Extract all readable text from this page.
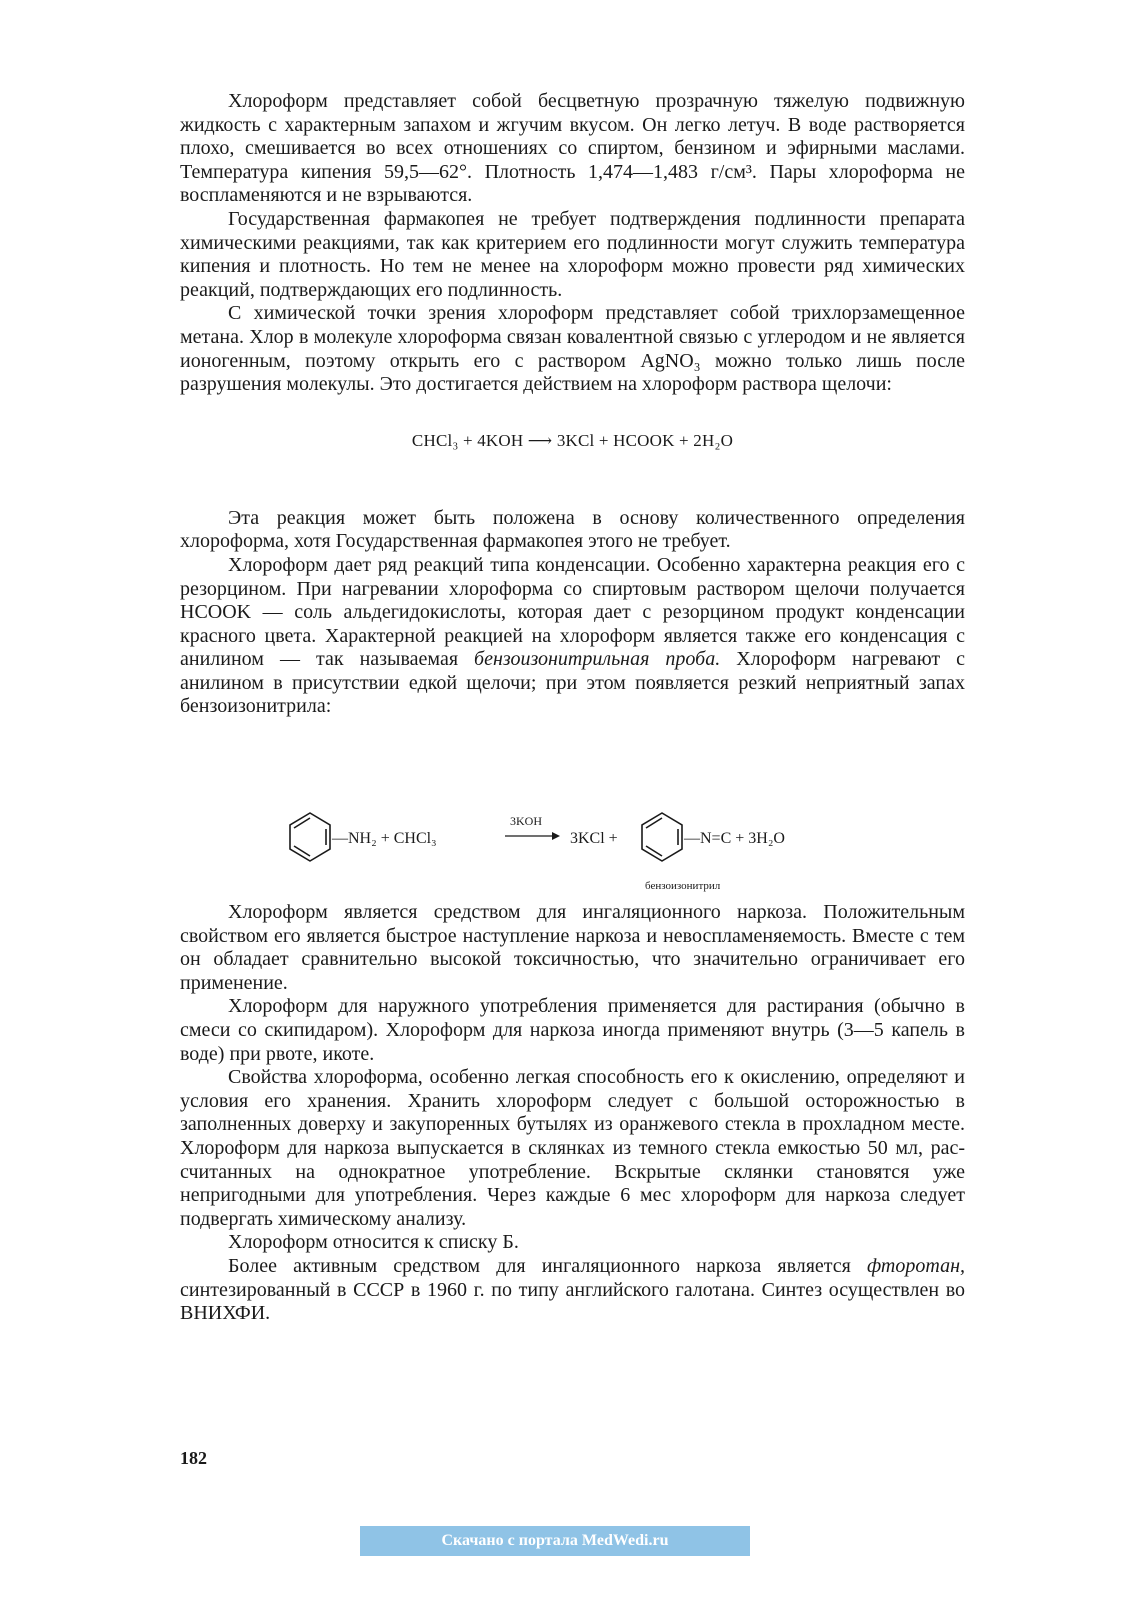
Хлороформ представляет собой бесцветную прозрачную тяжелую подвижную жидкость с характерным запахом и жгучим вкусом. Он легко летуч. В воде растворяется плохо, смешивается во всех отношениях со спиртом, бензином и эфирными маслами. Температура кипения 59,5—62°. Плотность 1,474—1,483 г/см³. Пары хлороформа не воспламеняются и не взрываются.

Государственная фармакопея не требует подтверждения подлинности препарата химическими реакциями, так как критерием его подлинности могут служить температура кипения и плотность. Но тем не менее на хлороформ можно провести ряд химических реакций, подтверждающих его подлинность.

С химической точки зрения хлороформ представляет собой трихлорзамещенное метана. Хлор в молекуле хлороформа связан ковалентной связью с углеродом и не является ионогенным, поэтому открыть его с раствором AgNO₃ можно только лишь после разрушения молекулы. Это достигается действием на хлороформ раствора щелочи:

CHCl₃ + 4KOH ⟶ 3KCl + HCOOK + 2H₂O

Эта реакция может быть положена в основу количественного определения хлороформа, хотя Государственная фармакопея этого не требует.

Хлороформ дает ряд реакций типа конденсации. Особенно характерна реакция его с резорцином. При нагревании хлороформа со спиртовым раствором щелочи получается HCOOK — соль альдегидокислоты, которая дает с резорцином продукт конденсации красного цвета. Характерной реакцией на хлороформ является также его конденсация с анилином — так называемая бензоизонитрильная проба. Хлороформ нагревают с анилином в присутствии едкой щелочи; при этом появляется резкий неприятный запах бензоизонитрила:

—NH₂ + CHCl₃
3KOH
3KCl +	—N=C + 3H₂O
бензоизонитрил

Хлороформ является средством для ингаляционного наркоза. Положительным свойством его является быстрое наступление наркоза и невоспламеняемость. Вместе с тем он обладает сравнительно высокой токсичностью, что значительно ограничивает его применение.

Хлороформ для наружного употребления применяется для растирания (обычно в смеси со скипидаром). Хлороформ для наркоза иногда применяют внутрь (3—5 капель в воде) при рвоте, икоте.

Свойства хлороформа, особенно легкая способность его к окислению, определяют и условия его хранения. Хранить хлороформ следует с большой осторожностью в заполненных доверху и закупоренных бутылях из оранжевого стекла в прохладном месте. Хлороформ для наркоза выпускается в склянках из темного стекла емкостью 50 мл, рассчитанных на однократное употребление. Вскрытые склянки становятся уже непригодными для употребления. Через каждые 6 мес хлороформ для наркоза следует подвергать химическому анализу.

Хлороформ относится к списку Б.

Более активным средством для ингаляционного наркоза является фторотан, синтезированный в СССР в 1960 г. по типу английского галотана. Синтез осуществлен во ВНИХФИ.

182
Скачано с портала MedWedi.ru
